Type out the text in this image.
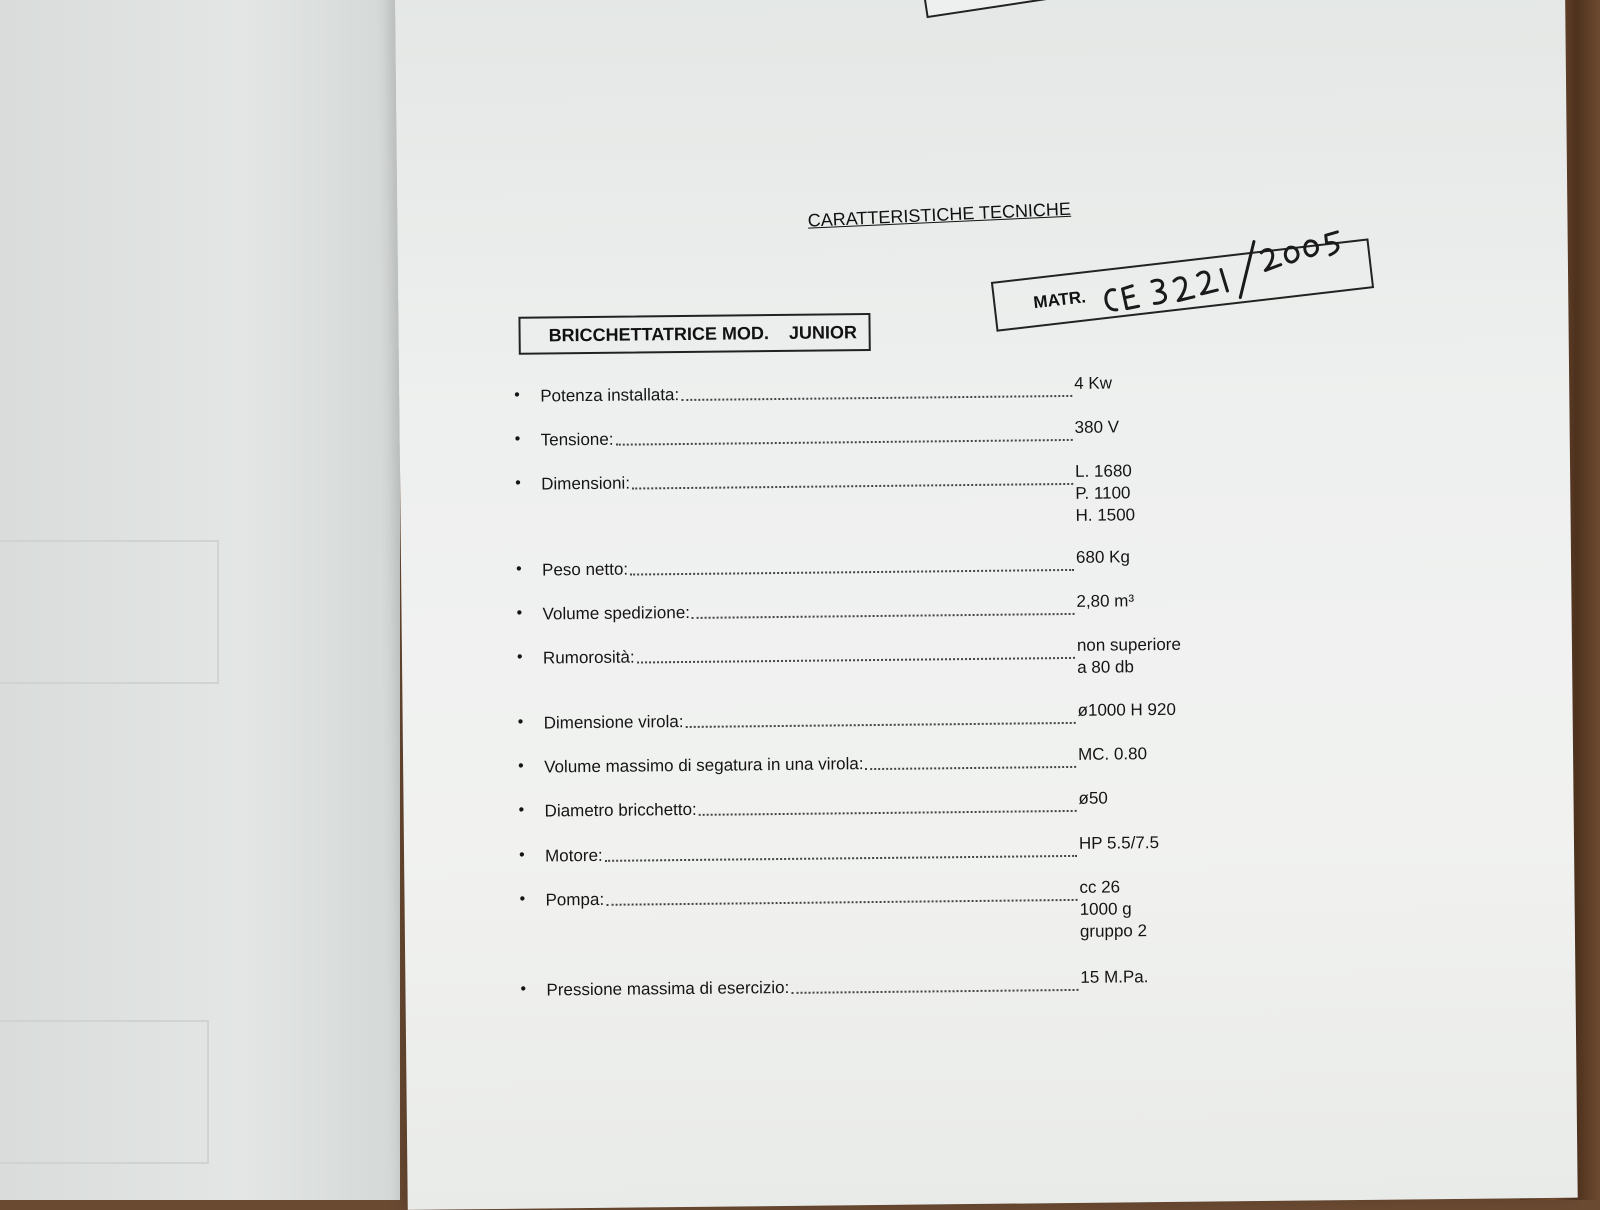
CARATTERISTICHE TECNICHE
BRICCHETTATRICE MOD. JUNIOR
MATR.
• Potenza installata:
4 Kw
• Tensione:
380 V
• Dimensioni:
L. 1680
P. 1100
H. 1500
• Peso netto:
680 Kg
• Volume spedizione:
2,80 m³
• Rumorosità:
non superiore
a 80 db
• Dimensione virola:
ø1000 H 920
• Volume massimo di segatura in una virola:
MC. 0.80
• Diametro bricchetto:
ø50
• Motore:
HP 5.5/7.5
• Pompa:
cc 26
1000 g
gruppo 2
• Pressione massima di esercizio:
15 M.Pa.
